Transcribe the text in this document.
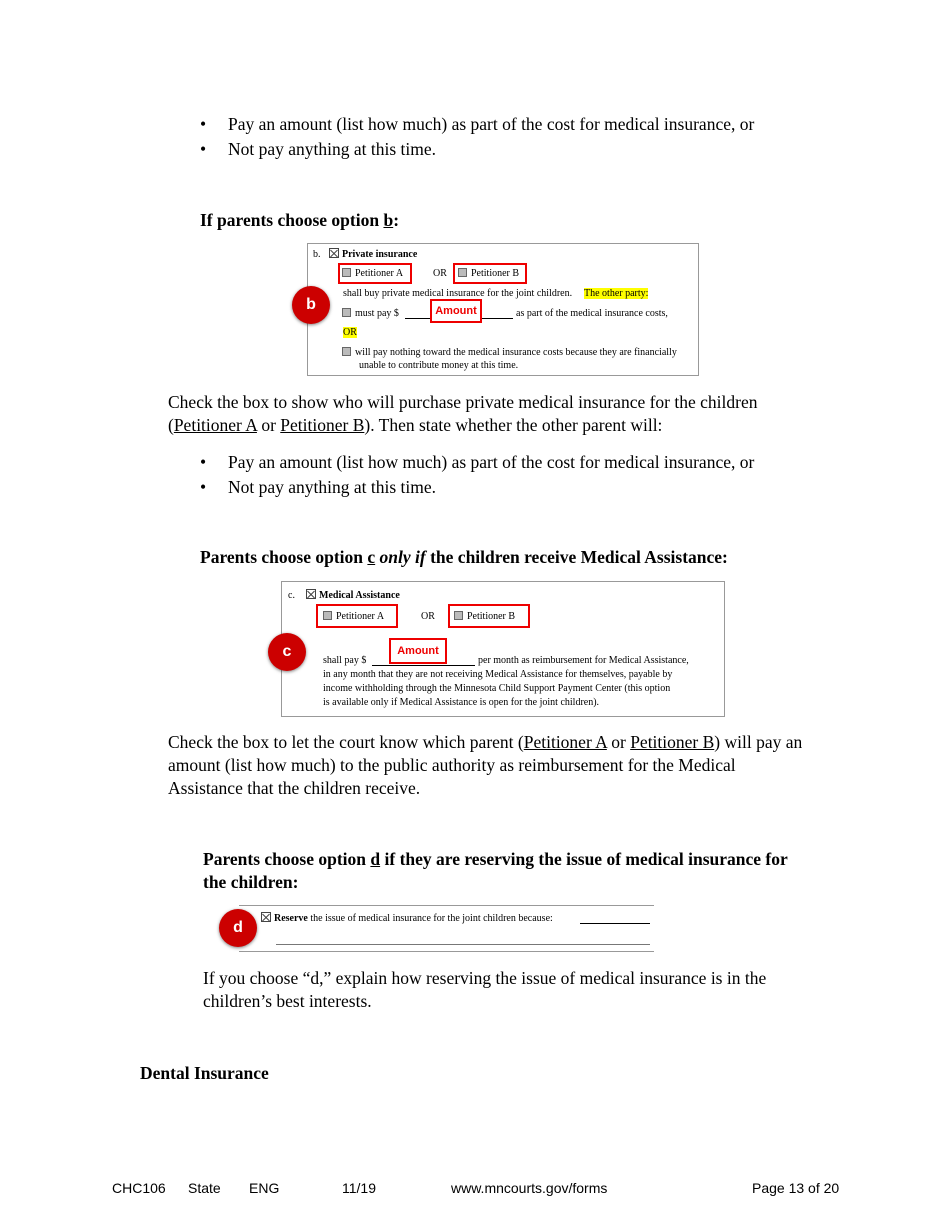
• Pay an amount (list how much) as part of the cost for medical insurance, or
• Not pay anything at this time.
If parents choose option b:
b.	Private insurance
Petitioner A	OR	Petitioner B
shall buy private medical insurance for the joint children. The other party:
must pay $	as part of the medical insurance costs,
OR
will pay nothing toward the medical insurance costs because they are financially
unable to contribute money at this time.
Amount
b
Check the box to show who will purchase private medical insurance for the children
(Petitioner A or Petitioner B). Then state whether the other parent will:
• Pay an amount (list how much) as part of the cost for medical insurance, or
• Not pay anything at this time.
Parents choose option c only if the children receive Medical Assistance:
c.	Medical Assistance
Petitioner A	OR	Petitioner B
shall pay $	per month as reimbursement for Medical Assistance,
in any month that they are not receiving Medical Assistance for themselves, payable by
income withholding through the Minnesota Child Support Payment Center (this option
is available only if Medical Assistance is open for the joint children).
Amount
c
Check the box to let the court know which parent (Petitioner A or Petitioner B) will pay an
amount (list how much) to the public authority as reimbursement for the Medical
Assistance that the children receive.
Parents choose option d if they are reserving the issue of medical insurance for
the children:
Reserve the issue of medical insurance for the joint children because:
d
If you choose “d,” explain how reserving the issue of medical insurance is in the
children’s best interests.
Dental Insurance
CHC106 State ENG	11/19	www.mncourts.gov/forms	Page 13 of 20
